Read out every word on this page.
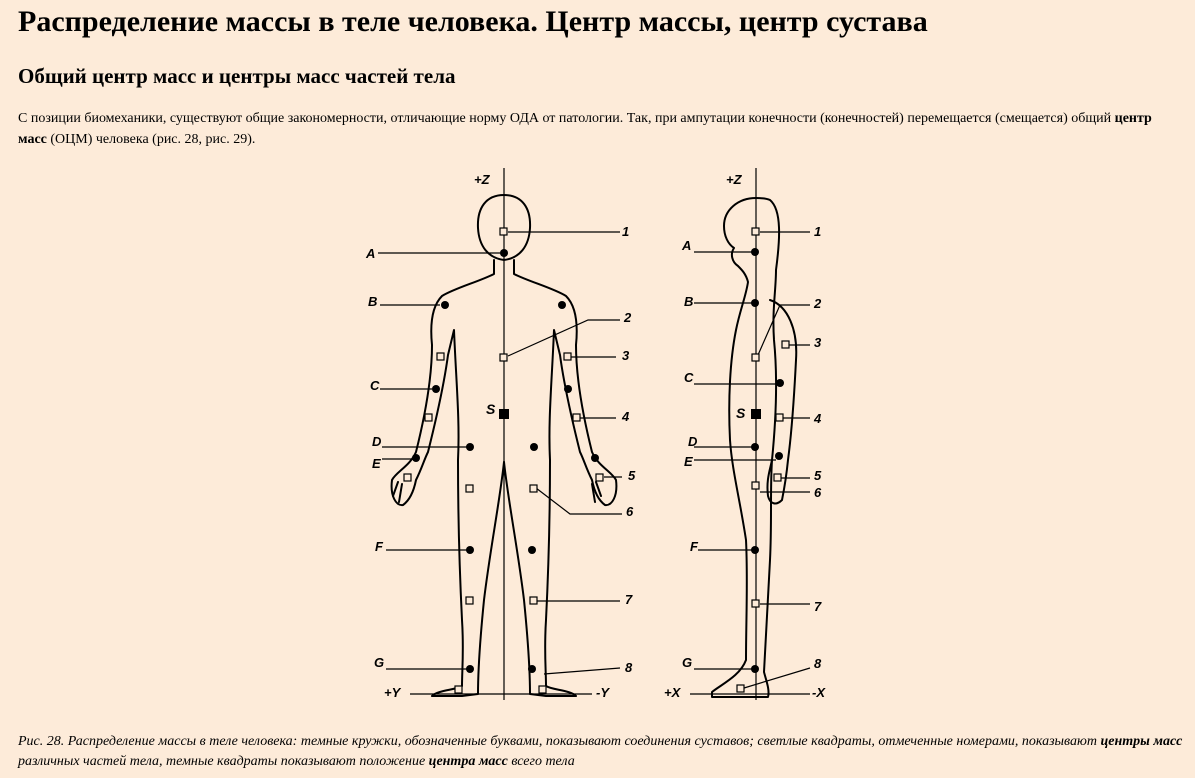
Распределение массы в теле человека. Центр массы, центр сустава
Общий центр масс и центры масс частей тела

С позиции биомеханики, существуют общие закономерности, отличающие норму ОДА от патологии. Так, при ампутации конечности (конечностей) перемещается (смещается) общий центр масс (ОЦМ) человека (рис. 28, рис. 29).

+Z
+Y	-Y
S
A
B
C
D
E
F
G
1
2
3
4
5
6
7
8
+Z
+X	-X
S
A
B
C
D
E
F
G
1
2
3
4
5
6
7
8

Рис. 28. Распределение массы в теле человека: темные кружки, обозначенные буквами, показывают соединения суставов; светлые квадраты, отмеченные номерами, показывают центры масс различных частей тела, темные квадраты показывают положение центра масс всего тела
